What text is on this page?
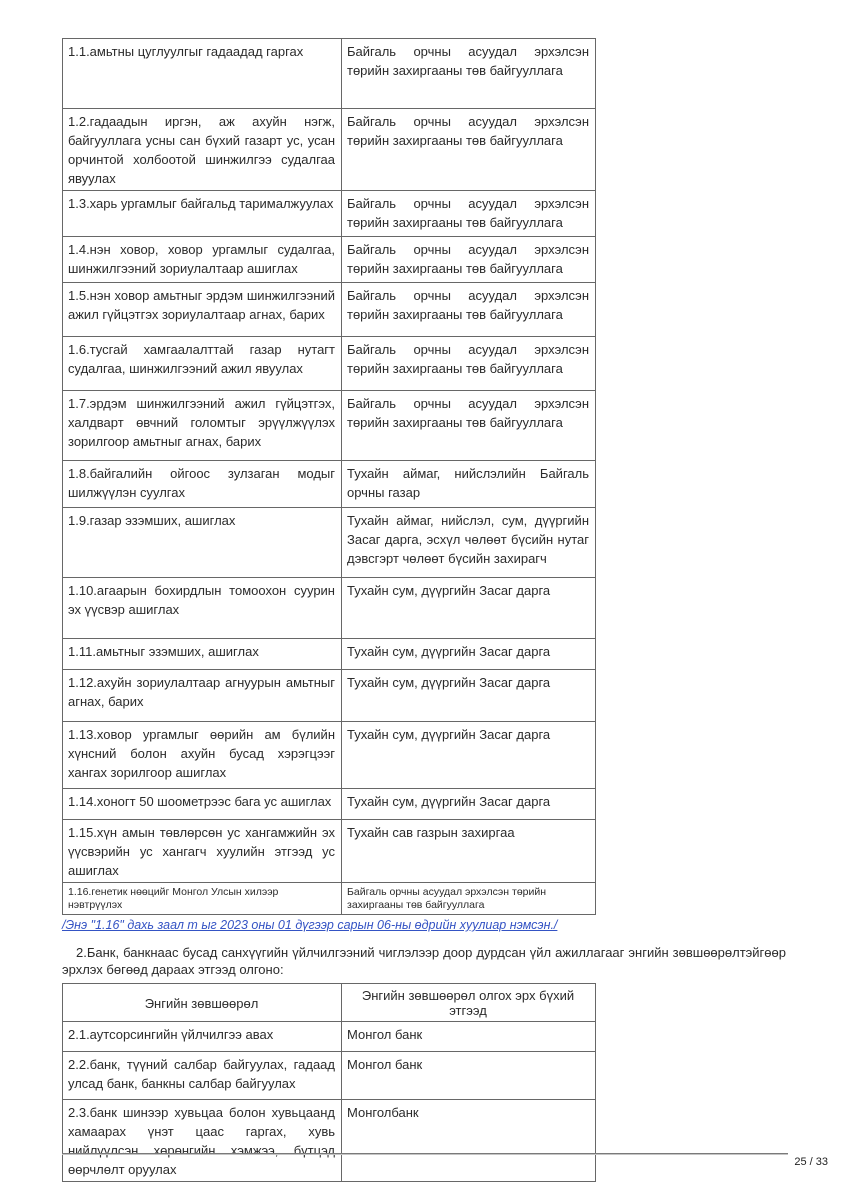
1.1.амьтны цуглуулгыг гадаадад гаргах	Байгаль орчны асуудал эрхэлсэн төрийн захиргааны төв байгууллага
1.2.гадаадын иргэн, аж ахуйн нэгж, байгууллага усны сан бүхий газарт ус, усан орчинтой холбоотой шинжилгээ судалгаа явуулах	Байгаль орчны асуудал эрхэлсэн төрийн захиргааны төв байгууллага
1.3.харь ургамлыг байгальд тарималжуулах	Байгаль орчны асуудал эрхэлсэн төрийн захиргааны төв байгууллага
1.4.нэн ховор, ховор ургамлыг судалгаа, шинжилгээний зориулалтаар ашиглах	Байгаль орчны асуудал эрхэлсэн төрийн захиргааны төв байгууллага
1.5.нэн ховор амьтныг эрдэм шинжилгээний ажил гүйцэтгэх зориулалтаар агнах, барих	Байгаль орчны асуудал эрхэлсэн төрийн захиргааны төв байгууллага
1.6.тусгай хамгаалалттай газар нутагт судалгаа, шинжилгээний ажил явуулах	Байгаль орчны асуудал эрхэлсэн төрийн захиргааны төв байгууллага
1.7.эрдэм шинжилгээний ажил гүйцэтгэх, халдварт өвчний голомтыг эрүүлжүүлэх зорилгоор амьтныг агнах, барих	Байгаль орчны асуудал эрхэлсэн төрийн захиргааны төв байгууллага
1.8.байгалийн ойгоос зулзаган модыг шилжүүлэн суулгах	Тухайн аймаг, нийслэлийн Байгаль орчны газар
1.9.газар эзэмших, ашиглах	Тухайн аймаг, нийслэл, сум, дүүргийн Засаг дарга, эсхүл чөлөөт бүсийн нутаг дэвсгэрт чөлөөт бүсийн захирагч
1.10.агаарын бохирдлын томоохон суурин эх үүсвэр ашиглах	Тухайн сум, дүүргийн Засаг дарга
1.11.амьтныг эзэмших, ашиглах	Тухайн сум, дүүргийн Засаг дарга
1.12.ахуйн зориулалтаар агнуурын амьтныг агнах, барих	Тухайн сум, дүүргийн Засаг дарга
1.13.ховор ургамлыг өөрийн ам бүлийн хүнсний болон ахуйн бусад хэрэгцээг хангах зорилгоор ашиглах	Тухайн сум, дүүргийн Засаг дарга
1.14.хоногт 50 шоометрээс бага ус ашиглах	Тухайн сум, дүүргийн Засаг дарга
1.15.хүн амын төвлөрсөн ус хангамжийн эх үүсвэрийн ус хангагч хуулийн этгээд ус ашиглах	Тухайн сав газрын захиргаа
1.16.генетик нөөцийг Монгол Улсын хилээр нэвтрүүлэх	Байгаль орчны асуудал эрхэлсэн төрийн захиргааны төв байгууллага
/Энэ "1.16" дахь заал т ыг 2023 оны 01 дүгээр сарын 06-ны өдрийн хуулиар нэмсэн./

2.Банк, банкнаас бусад санхүүгийн үйлчилгээний чиглэлээр доор дурдсан үйл ажиллагааг энгийн зөвшөөрөлтэйгөөр эрхлэх бөгөөд дараах этгээд олгоно:

Энгийн зөвшөөрөл	Энгийн зөвшөөрөл олгох эрх бүхий этгээд
2.1.аутсорсингийн үйлчилгээ авах	Монгол банк
2.2.банк, түүний салбар байгуулах, гадаад улсад банк, банкны салбар байгуулах	Монгол банк
2.3.банк шинээр хувьцаа болон хувьцаанд хамаарах үнэт цаас гаргах, хувь нийлүүлсэн хөрөнгийн хэмжээ, бүтцэд өөрчлөлт оруулах	Монголбанк
25 / 33
